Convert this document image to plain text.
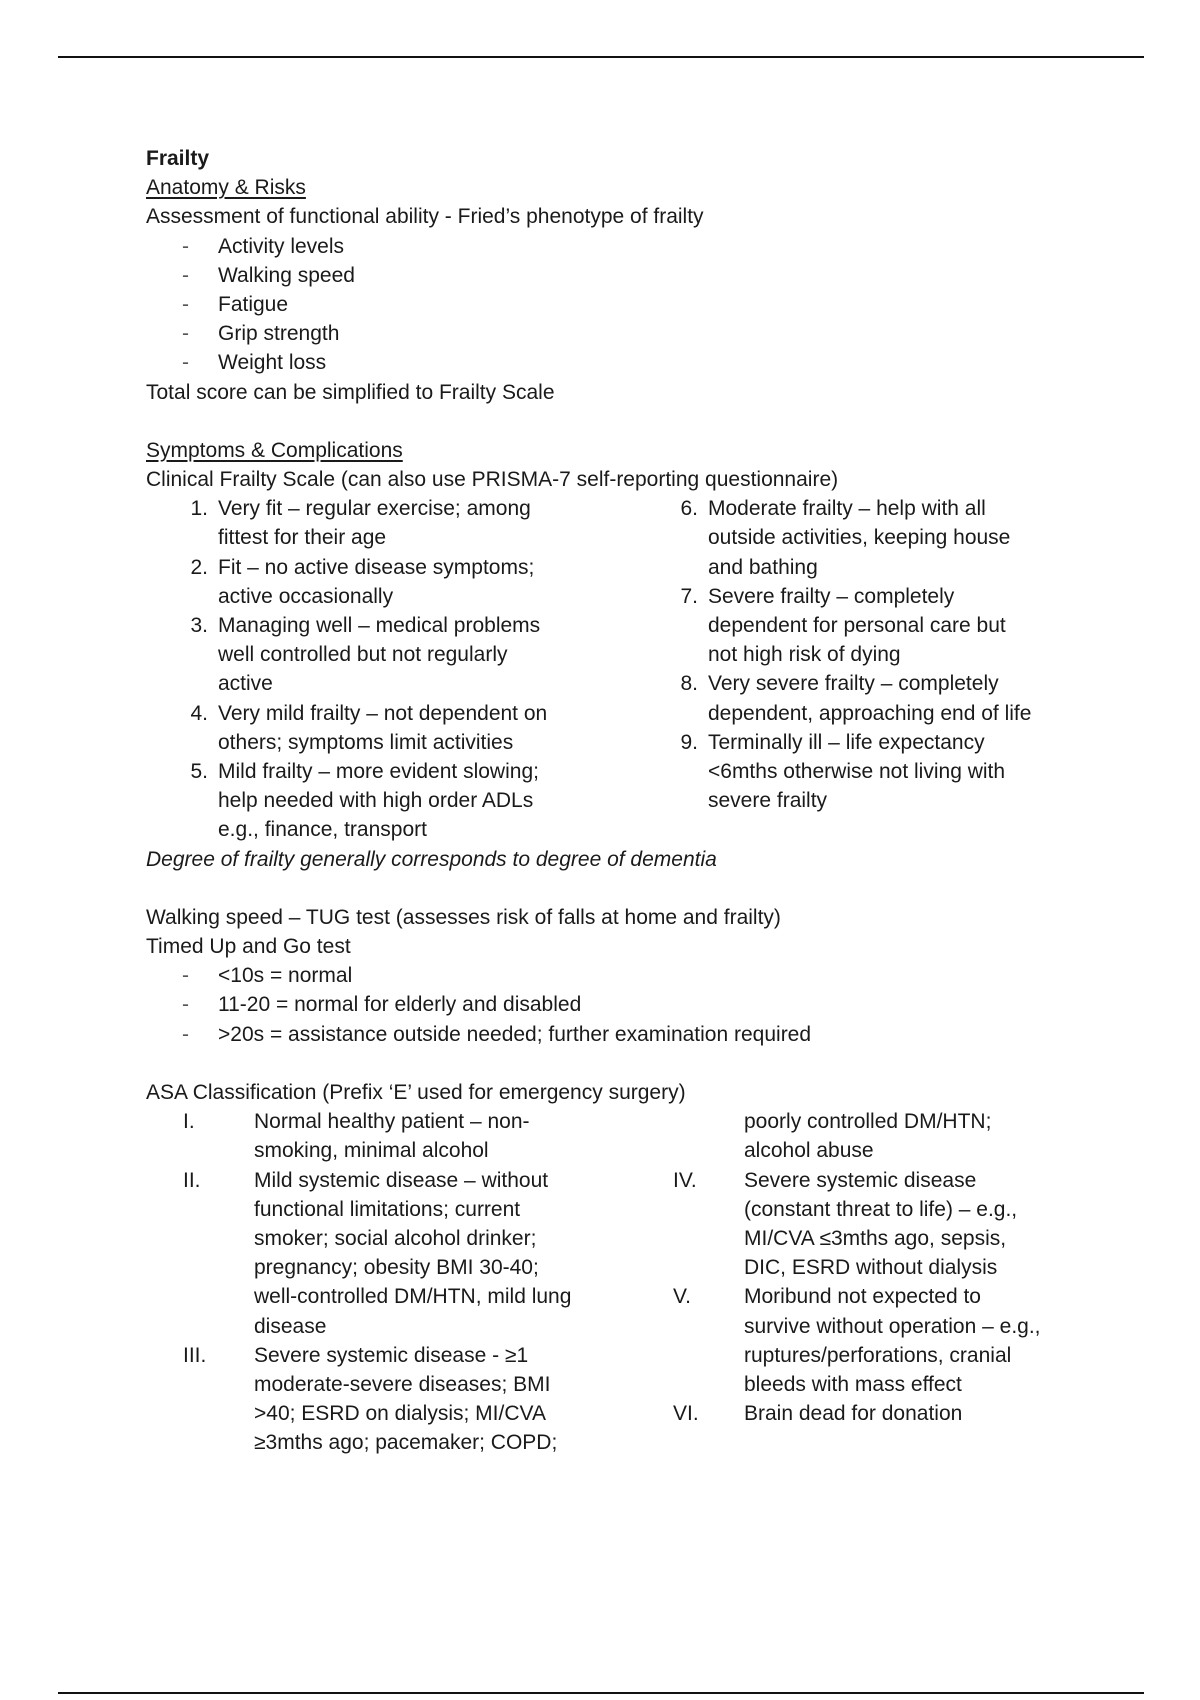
Frailty
Anatomy & Risks
Assessment of functional ability - Fried’s phenotype of frailty
-	Activity levels
-	Walking speed
-	Fatigue
-	Grip strength
-	Weight loss
Total score can be simplified to Frailty Scale
Symptoms & Complications
Clinical Frailty Scale (can also use PRISMA-7 self-reporting questionnaire)
1. Very fit – regular exercise; among fittest for their age
2. Fit – no active disease symptoms; active occasionally
3. Managing well – medical problems well controlled but not regularly active
4. Very mild frailty – not dependent on others; symptoms limit activities
5. Mild frailty – more evident slowing; help needed with high order ADLs e.g., finance, transport
6. Moderate frailty – help with all outside activities, keeping house and bathing
7. Severe frailty – completely dependent for personal care but not high risk of dying
8. Very severe frailty – completely dependent, approaching end of life
9. Terminally ill – life expectancy <6mths otherwise not living with severe frailty
Degree of frailty generally corresponds to degree of dementia
Walking speed – TUG test (assesses risk of falls at home and frailty)
Timed Up and Go test
-	<10s = normal
-	11-20 = normal for elderly and disabled
-	>20s = assistance outside needed; further examination required
ASA Classification (Prefix ‘E’ used for emergency surgery)
I.	Normal healthy patient – non-smoking, minimal alcohol
II.	Mild systemic disease – without functional limitations; current smoker; social alcohol drinker; pregnancy; obesity BMI 30-40; well-controlled DM/HTN, mild lung disease
III.	Severe systemic disease - ≥1 moderate-severe diseases; BMI >40; ESRD on dialysis; MI/CVA ≥3mths ago; pacemaker; COPD;
poorly controlled DM/HTN; alcohol abuse
IV.	Severe systemic disease (constant threat to life) – e.g., MI/CVA ≤3mths ago, sepsis, DIC, ESRD without dialysis
V.	Moribund not expected to survive without operation – e.g., ruptures/perforations, cranial bleeds with mass effect
VI.	Brain dead for donation
